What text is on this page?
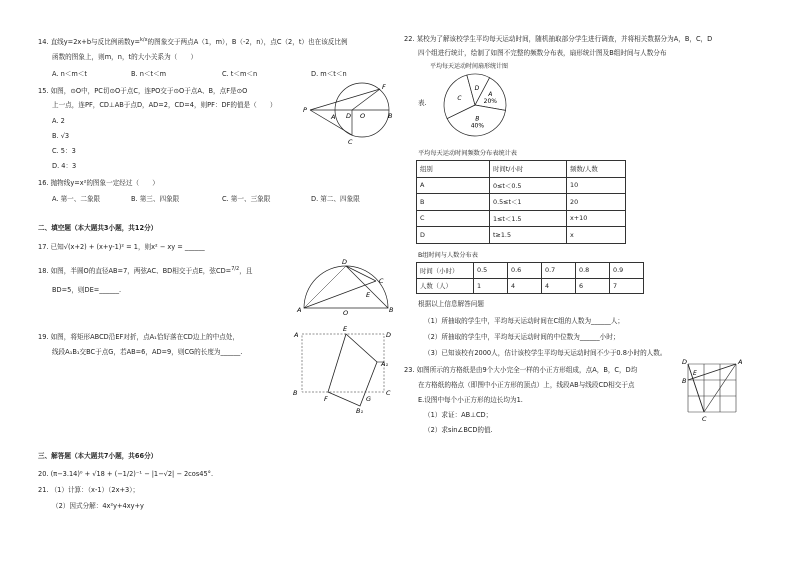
14. 直线y=2x+b与反比例函数y=$^{k/x}$的图象交于两点A（1，m），B（-2，n），点C（2，t）也在该反比例
函数的图象上，则m，n，t的大小关系为（　　）
A. n＜m＜t	B. n＜t＜m	C. t＜m＜n	D. m＜t＜n
15. 如图，⊙O中，PC切⊙O于点C，连PO交于⊙O于点A、B，点F是⊙O
上一点，连PF，CD⊥AB于点D，AD=2，CD=4，则PF：DF的值是（　　）
A. 2
B. √3
C. 5：3
D. 4：3
P
A D O	B
F
C
16. 抛物线y=x²的图象一定经过（　　）
A. 第一、二象限	B. 第三、四象限	C. 第一、三象限	D. 第二、四象限
二、填空题（本大题共3小题，共12分）
17. 已知√(x+2) + (x+y-1)² = 1，则x² − xy = ______
18. 如图，半圆O的直径AB=7，两弦AC、BD相交于点E，弦CD=$^{7/2}$，且
BD=5，则DE=______.
A	O	B
C
D
E
19. 如图，将矩形ABCD沿EF对折，点A₁恰好落在CD边上的中点处，
线段A₁B₁交BC于点G，若AB=6，AD=9，则CG的长度为______.
A	D
E
A₁
B
F	G
C
B₁
三、解答题（本大题共7小题，共66分）
20. (π−3.14)⁰ + √18 + (−1/2)⁻¹ − |1−√2| − 2cos45°.
21. （1）计算：（x-1）（2x+3）；
（2）因式分解：4x²y+4xy+y
22. 某校为了解该校学生平均每天运动时间，随机抽取部分学生进行调查，并将相关数据分为A，B，C，D
四个组进行统计，绘制了如图不完整的频数分布表，扇形统计图及B组时间与人数分布
平均每天运动时间扇形统计图
表.
A
20%
B
40%
C
D
平均每天运动时间频数分布表统计表
组别	时间t/小时	频数/人数
A	0≤t＜0.5	10
B	0.5≤t＜1	20
C	1≤t＜1.5	x+10
D	t≥1.5	x
B组时间与人数分布表
时间（小时）	0.5	0.6	0.7	0.8	0.9
人数（人）	1	4	4	6	7
根据以上信息解答问题
（1）所抽取的学生中，平均每天运动时间在C组的人数为______人；
（2）所抽取的学生中，平均每天运动时间的中位数为______小时；
（3）已知该校有2000人，估计该校学生平均每天运动时间不少于0.8小时的人数。
23. 如图所示的方格纸是由9个大小完全一样的小正方形组成，点A，B，C，D均
在方格纸的格点（即图中小正方形的顶点）上，线段AB与线段CD相交于点
E.设图中每个小正方形的边长均为1.
（1）求证：AB⊥CD；
（2）求sin∠BCD的值.
D	A
E
B
C
